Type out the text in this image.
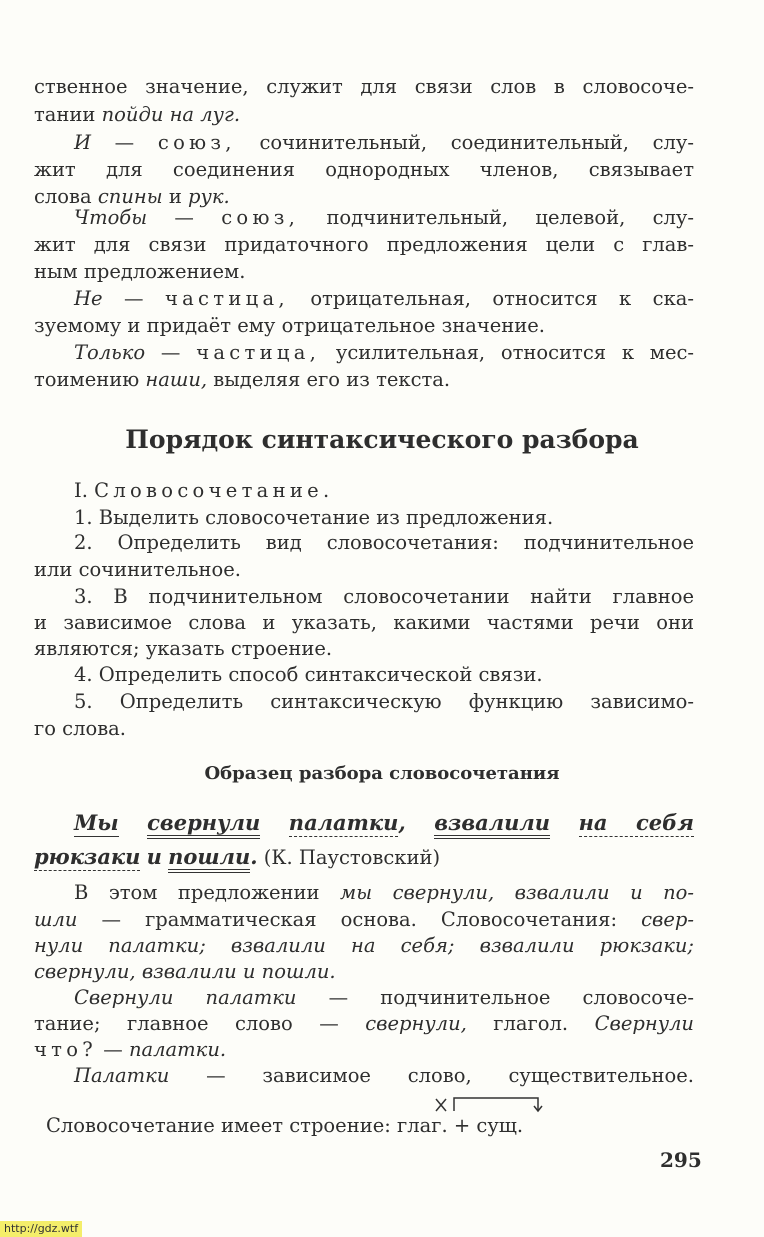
ственное значение, служит для связи слов в словосоче-
тании пойди на луг.
И — союз, сочинительный, соединительный, слу-
жит для соединения однородных членов, связывает
слова спины и рук.
Чтобы — союз, подчинительный, целевой, слу-
жит для связи придаточного предложения цели с глав-
ным предложением.
Не — частица, отрицательная, относится к ска-
зуемому и придаёт ему отрицательное значение.
Только — частица, усилительная, относится к мес-
тоимению наши, выделяя его из текста.
Порядок синтаксического разбора
I. Словосочетание.
1. Выделить словосочетание из предложения.
2. Определить вид словосочетания: подчинительное
или сочинительное.
3. В подчинительном словосочетании найти главное
и зависимое слова и указать, какими частями речи они
являются; указать строение.
4. Определить способ синтаксической связи.
5. Определить синтаксическую функцию зависимо-
го слова.
Образец разбора словосочетания
Мы свернули палатки, взвалили на себя
рюкзаки и пошли. (К. Паустовский)
В этом предложении мы свернули, взвалили и по-
шли — грамматическая основа. Словосочетания: свер-
нули палатки; взвалили на себя; взвалили рюкзаки;
свернули, взвалили и пошли.
Свернули палатки — подчинительное словосоче-
тание; главное слово — свернули, глагол. Свернули
что? — палатки.
Палатки — зависимое слово, существительное.
Словосочетание имеет строение: глаг. + сущ.
295
http://gdz.wtf
